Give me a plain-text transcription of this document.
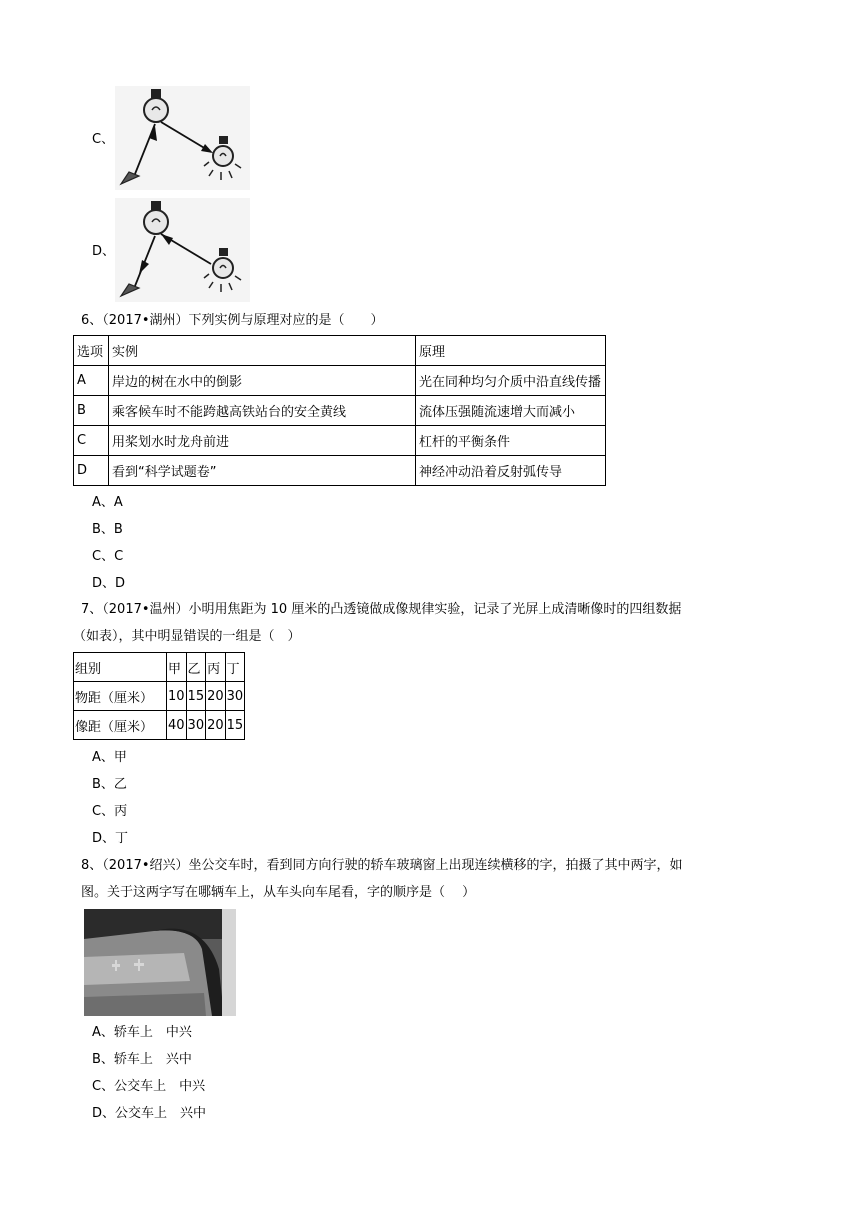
C、
D、
6、（2017•湖州）下列实例与原理对应的是（　　）
选项	实例	原理
A	岸边的树在水中的倒影	光在同种均匀介质中沿直线传播
B	乘客候车时不能跨越高铁站台的安全黄线	流体压强随流速增大而减小
C	用桨划水时龙舟前进	杠杆的平衡条件
D	看到“科学试题卷”	神经冲动沿着反射弧传导
A、A
B、B
C、C
D、D
7、（2017•温州）小明用焦距为 10 厘米的凸透镜做成像规律实验，记录了光屏上成清晰像时的四组数据
（如表），其中明显错误的一组是（　）
组别	甲	乙	丙	丁
物距（厘米）	10	15	20	30
像距（厘米）	40	30	20	15
A、甲
B、乙
C、丙
D、丁
8、（2017•绍兴）坐公交车时，看到同方向行驶的轿车玻璃窗上出现连续横移的字，拍摄了其中两字，如
图。关于这两字写在哪辆车上，从车头向车尾看，字的顺序是（　 ）
A、轿车上　中兴
B、轿车上　兴中
C、公交车上　中兴
D、公交车上　兴中
